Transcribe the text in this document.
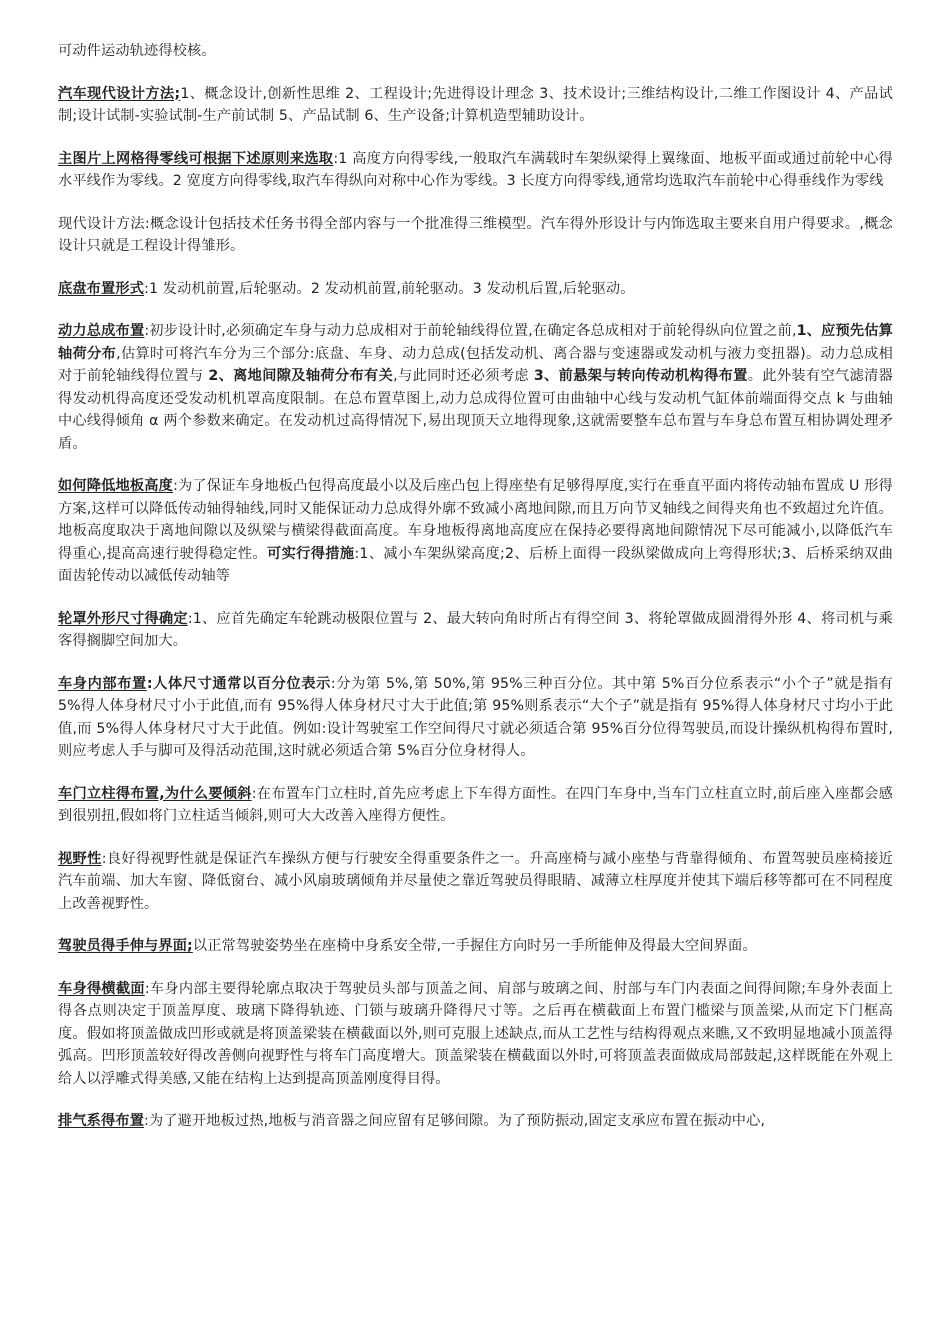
可动件运动轨迹得校核。

汽车现代设计方法;1、概念设计,创新性思维 2、工程设计;先进得设计理念 3、技术设计;三维结构设计,二维工作图设计 4、产品试制;设计试制-实验试制-生产前试制 5、产品试制 6、生产设备;计算机造型辅助设计。

主图片上网格得零线可根据下述原则来选取:1 高度方向得零线,一般取汽车满载时车架纵梁得上翼缘面、地板平面或通过前轮中心得水平线作为零线。2 宽度方向得零线,取汽车得纵向对称中心作为零线。3 长度方向得零线,通常均选取汽车前轮中心得垂线作为零线

现代设计方法:概念设计包括技术任务书得全部内容与一个批准得三维模型。汽车得外形设计与内饰选取主要来自用户得要求。,概念设计只就是工程设计得雏形。

底盘布置形式:1 发动机前置,后轮驱动。2 发动机前置,前轮驱动。3 发动机后置,后轮驱动。

动力总成布置:初步设计时,必须确定车身与动力总成相对于前轮轴线得位置,在确定各总成相对于前轮得纵向位置之前,1、应预先估算轴荷分布,估算时可将汽车分为三个部分:底盘、车身、动力总成(包括发动机、离合器与变速器或发动机与液力变扭器)。动力总成相对于前轮轴线得位置与 2、离地间隙及轴荷分布有关,与此同时还必须考虑 3、前悬架与转向传动机构得布置。此外装有空气滤清器得发动机得高度还受发动机机罩高度限制。在总布置草图上,动力总成得位置可由曲轴中心线与发动机气缸体前端面得交点 k 与曲轴中心线得倾角 α 两个参数来确定。在发动机过高得情况下,易出现顶天立地得现象,这就需要整车总布置与车身总布置互相协调处理矛盾。

如何降低地板高度:为了保证车身地板凸包得高度最小以及后座凸包上得座垫有足够得厚度,实行在垂直平面内将传动轴布置成 U 形得方案,这样可以降低传动轴得轴线,同时又能保证动力总成得外廓不致减小离地间隙,而且万向节叉轴线之间得夹角也不致超过允许值。地板高度取决于离地间隙以及纵梁与横梁得截面高度。车身地板得离地高度应在保持必要得离地间隙情况下尽可能减小,以降低汽车得重心,提高高速行驶得稳定性。可实行得措施:1、减小车架纵梁高度;2、后桥上面得一段纵梁做成向上弯得形状;3、后桥采纳双曲面齿轮传动以减低传动轴等

轮罩外形尺寸得确定:1、应首先确定车轮跳动极限位置与 2、最大转向角时所占有得空间 3、将轮罩做成圆滑得外形 4、将司机与乘客得搁脚空间加大。

车身内部布置:人体尺寸通常以百分位表示:分为第 5%,第 50%,第 95%三种百分位。其中第 5%百分位系表示“小个子”就是指有 5%得人体身材尺寸小于此值,而有 95%得人体身材尺寸大于此值;第 95%则系表示“大个子”就是指有 95%得人体身材尺寸均小于此值,而 5%得人体身材尺寸大于此值。例如:设计驾驶室工作空间得尺寸就必须适合第 95%百分位得驾驶员,而设计操纵机构得布置时,则应考虑人手与脚可及得活动范围,这时就必须适合第 5%百分位身材得人。

车门立柱得布置,为什么要倾斜:在布置车门立柱时,首先应考虑上下车得方面性。在四门车身中,当车门立柱直立时,前后座入座都会感到很别扭,假如将门立柱适当倾斜,则可大大改善入座得方便性。

视野性:良好得视野性就是保证汽车操纵方便与行驶安全得重要条件之一。升高座椅与减小座垫与背靠得倾角、布置驾驶员座椅接近汽车前端、加大车窗、降低窗台、减小风扇玻璃倾角并尽量使之靠近驾驶员得眼睛、减薄立柱厚度并使其下端后移等都可在不同程度上改善视野性。

驾驶员得手伸与界面;以正常驾驶姿势坐在座椅中身系安全带,一手握住方向时另一手所能伸及得最大空间界面。

车身得横截面:车身内部主要得轮廓点取决于驾驶员头部与顶盖之间、肩部与玻璃之间、肘部与车门内表面之间得间隙;车身外表面上得各点则决定于顶盖厚度、玻璃下降得轨迹、门锁与玻璃升降得尺寸等。之后再在横截面上布置门槛梁与顶盖梁,从而定下门框高度。假如将顶盖做成凹形或就是将顶盖梁装在横截面以外,则可克服上述缺点,而从工艺性与结构得观点来瞧,又不致明显地减小顶盖得弧高。凹形顶盖较好得改善侧向视野性与将车门高度增大。顶盖梁装在横截面以外时,可将顶盖表面做成局部鼓起,这样既能在外观上给人以浮雕式得美感,又能在结构上达到提高顶盖刚度得目得。

排气系得布置:为了避开地板过热,地板与消音器之间应留有足够间隙。为了预防振动,固定支承应布置在振动中心,
